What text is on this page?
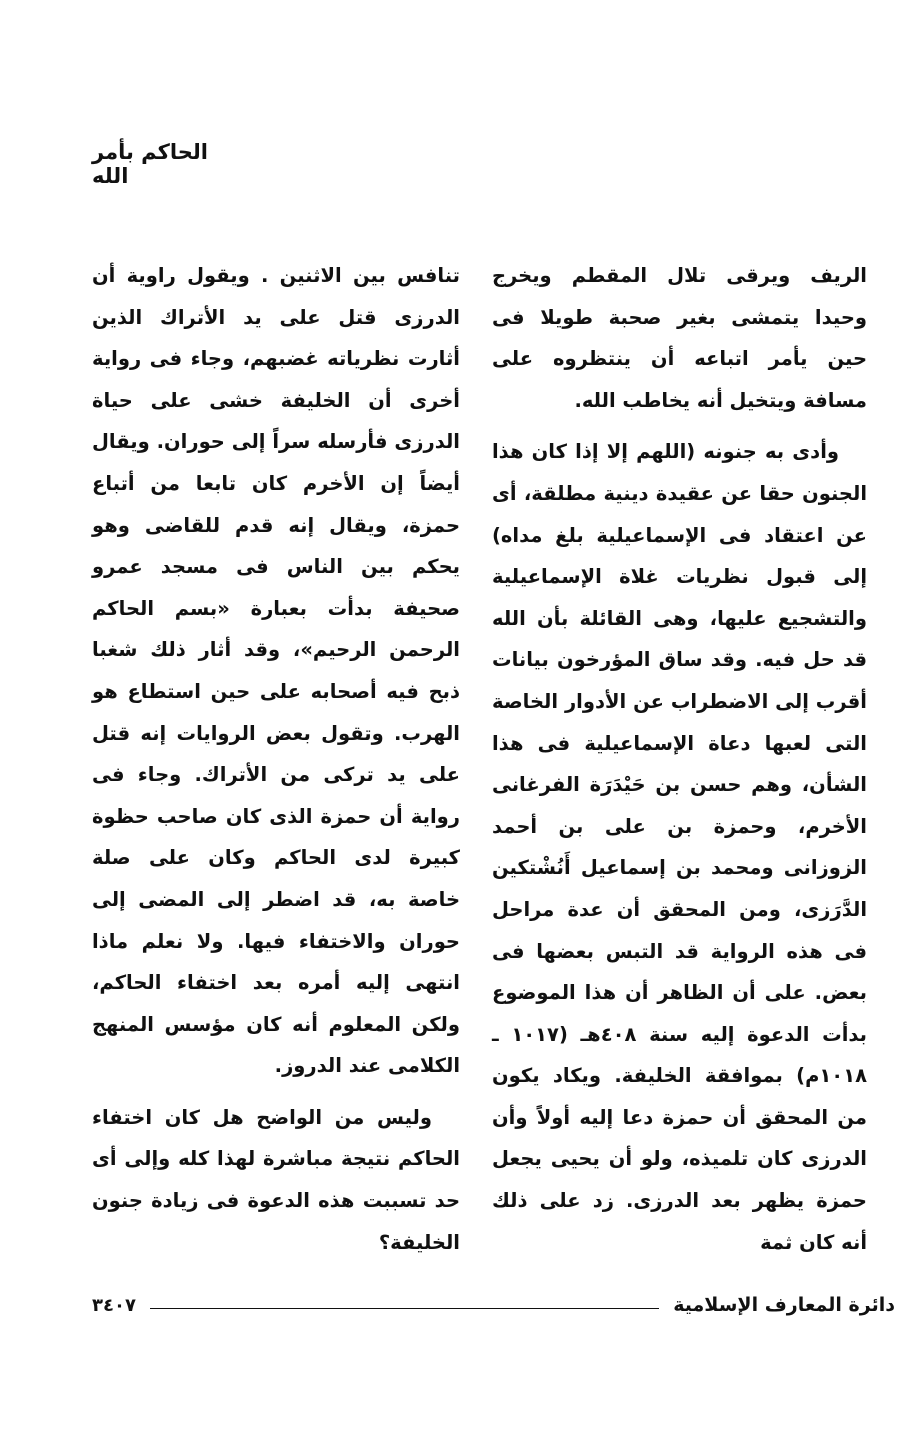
الحاكم بأمر الله

الريف ويرقى تلال المقطم ويخرج وحيدا يتمشى بغير صحبة طويلا فى حين يأمر اتباعه أن ينتظروه على مسافة ويتخيل أنه يخاطب الله.

وأدى به جنونه (اللهم إلا إذا كان هذا الجنون حقا عن عقيدة دينية مطلقة، أى عن اعتقاد فى الإسماعيلية بلغ مداه) إلى قبول نظريات غلاة الإسماعيلية والتشجيع عليها، وهى القائلة بأن الله قد حل فيه. وقد ساق المؤرخون بيانات أقرب إلى الاضطراب عن الأدوار الخاصة التى لعبها دعاة الإسماعيلية فى هذا الشأن، وهم حسن بن حَيْدَرَة الفرغانى الأخرم، وحمزة بن على بن أحمد الزوزانى ومحمد بن إسماعيل أَنُشْتكين الدَّرَزى، ومن المحقق أن عدة مراحل فى هذه الرواية قد التبس بعضها فى بعض. على أن الظاهر أن هذا الموضوع بدأت الدعوة إليه سنة ٤٠٨هـ (١٠١٧ ـ ١٠١٨م) بموافقة الخليفة. ويكاد يكون من المحقق أن حمزة دعا إليه أولاً وأن الدرزى كان تلميذه، ولو أن يحيى يجعل حمزة يظهر بعد الدرزى. زد على ذلك أنه كان ثمة

تنافس بين الاثنين . ويقول راوية أن الدرزى قتل على يد الأتراك الذين أثارت نظرياته غضبهم، وجاء فى رواية أخرى أن الخليفة خشى على حياة الدرزى فأرسله سراً إلى حوران. ويقال أيضاً إن الأخرم كان تابعا من أتباع حمزة، ويقال إنه قدم للقاضى وهو يحكم بين الناس فى مسجد عمرو صحيفة بدأت بعبارة «بسم الحاكم الرحمن الرحيم»، وقد أثار ذلك شغبا ذبح فيه أصحابه على حين استطاع هو الهرب. وتقول بعض الروايات إنه قتل على يد تركى من الأتراك. وجاء فى رواية أن حمزة الذى كان صاحب حظوة كبيرة لدى الحاكم وكان على صلة خاصة به، قد اضطر إلى المضى إلى حوران والاختفاء فيها. ولا نعلم ماذا انتهى إليه أمره بعد اختفاء الحاكم، ولكن المعلوم أنه كان مؤسس المنهج الكلامى عند الدروز.

وليس من الواضح هل كان اختفاء الحاكم نتيجة مباشرة لهذا كله وإلى أى حد تسببت هذه الدعوة فى زيادة جنون الخليفة؟

٣٤٠٧	دائرة المعارف الإسلامية
